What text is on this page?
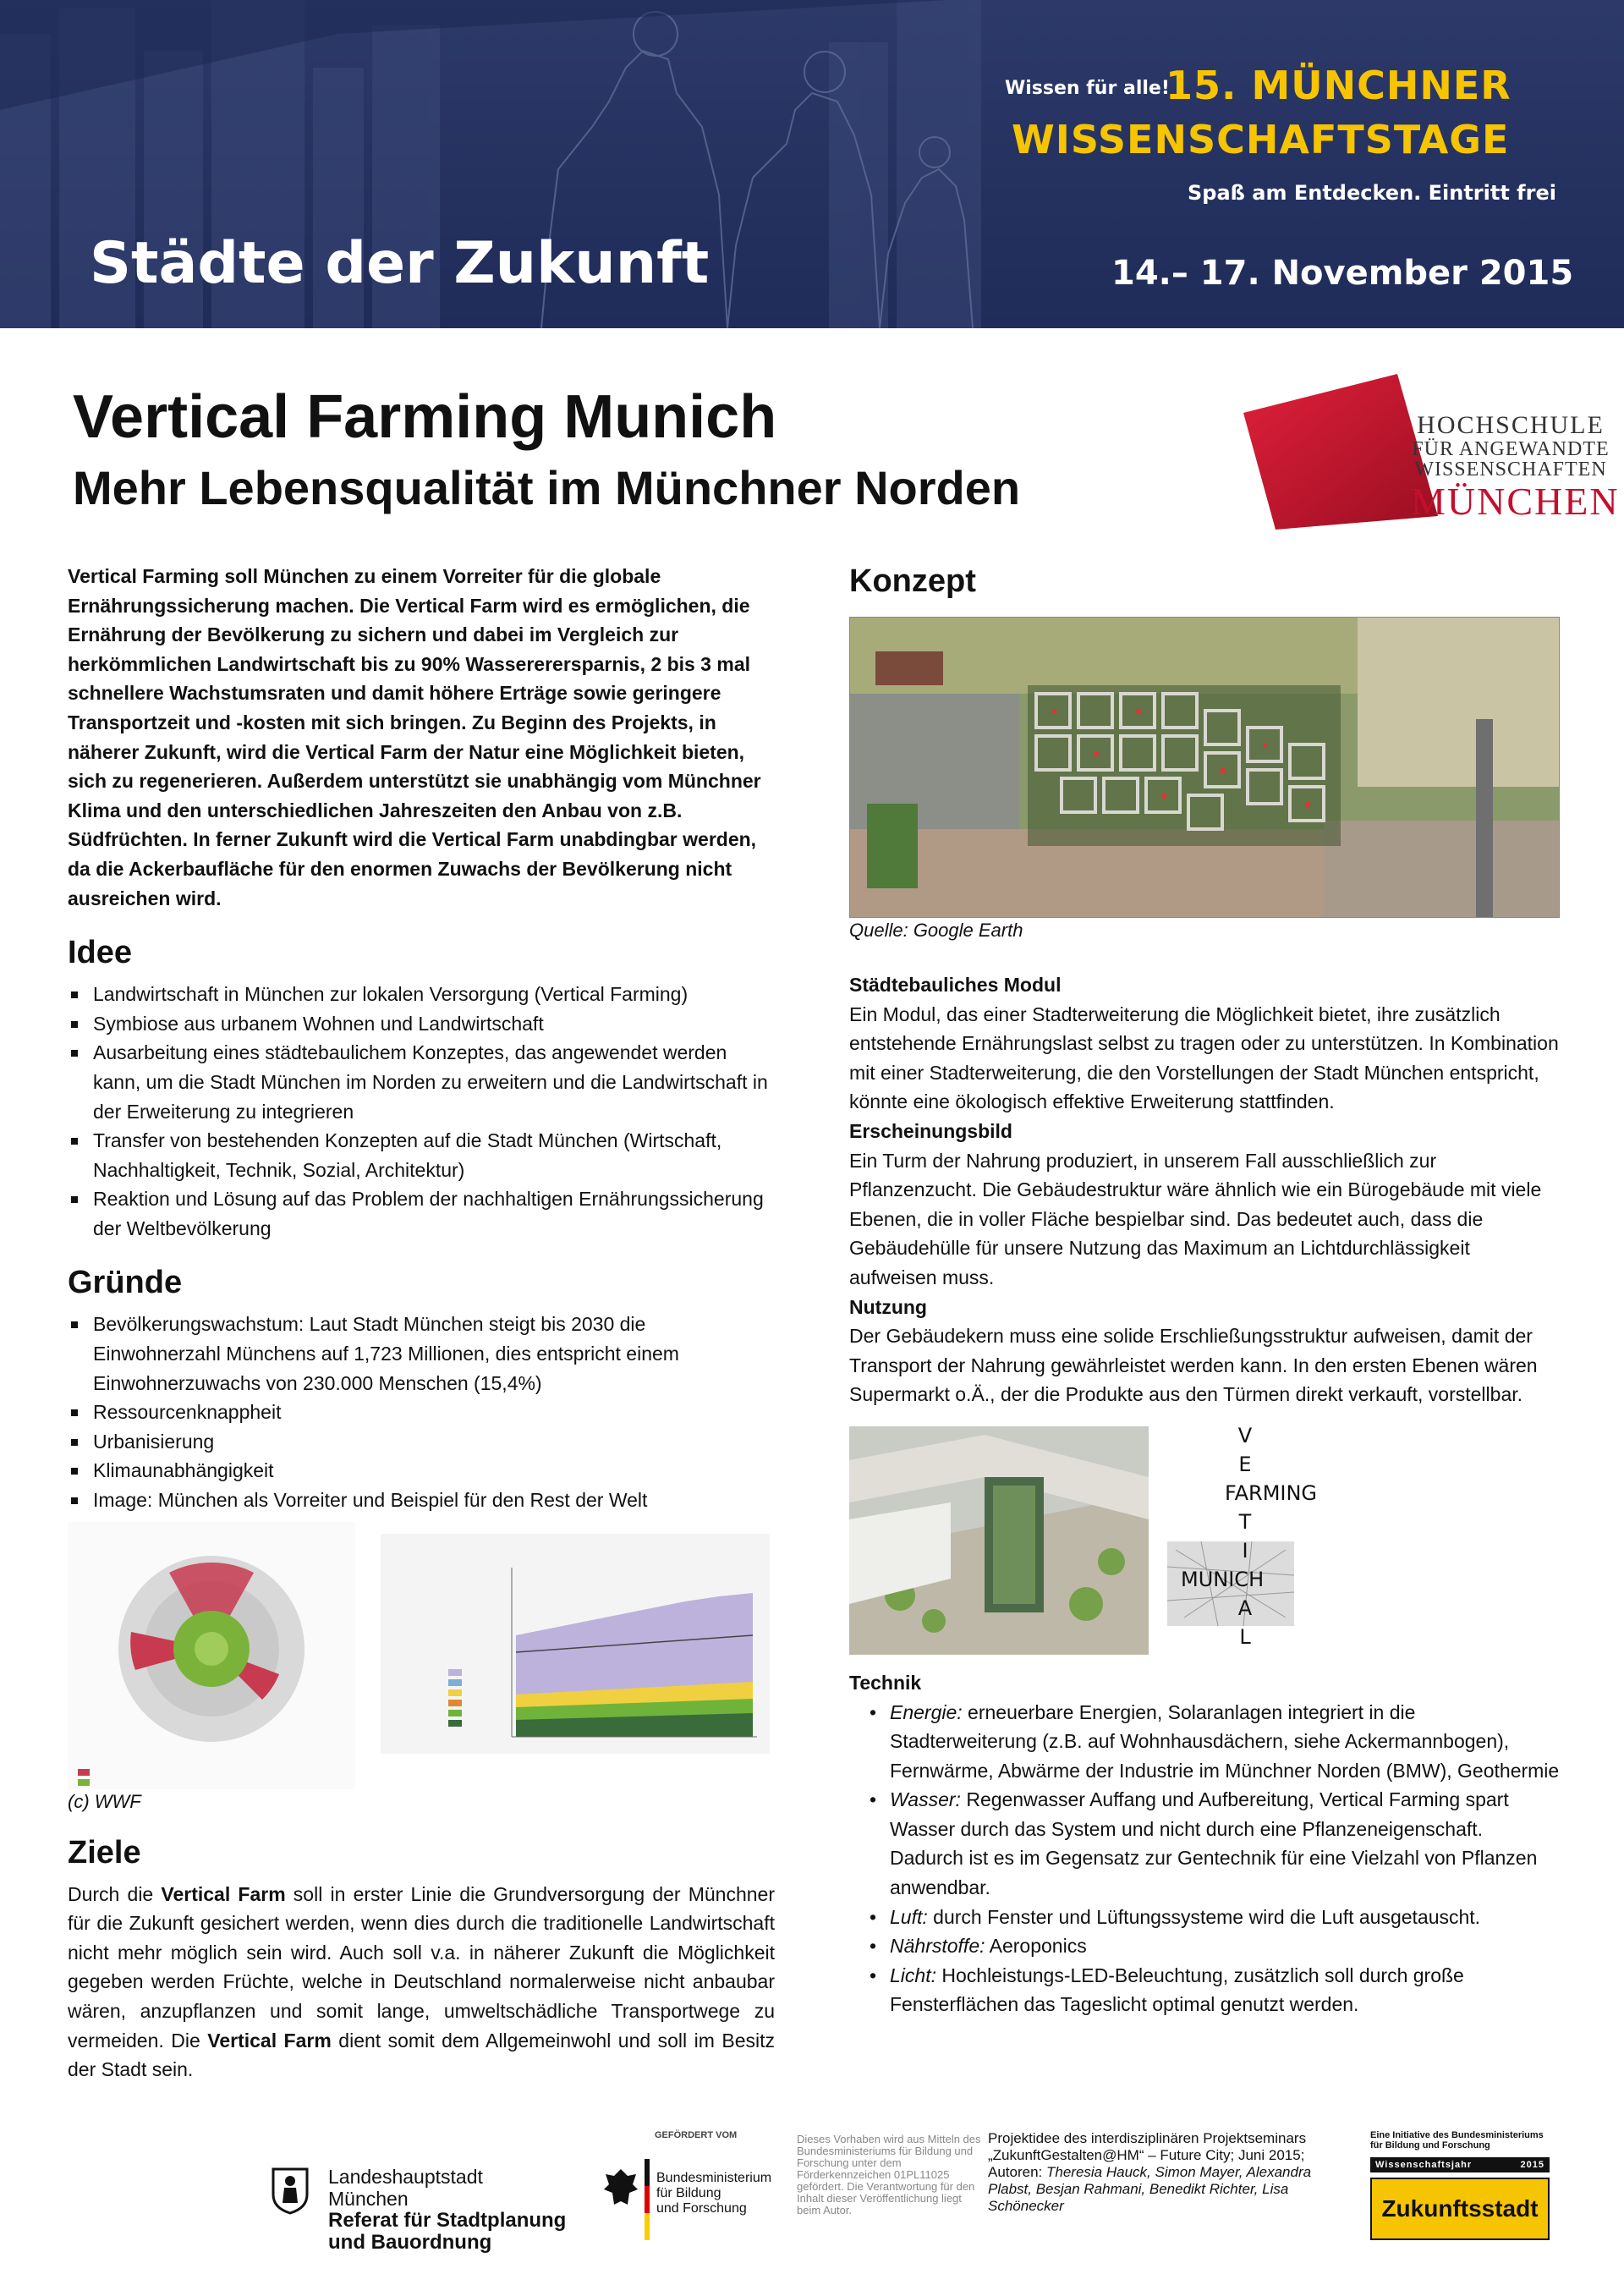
Wissen für alle!
15. MÜNCHNER
WISSENSCHAFTSTAGE
Spaß am Entdecken. Eintritt frei
Städte der Zukunft	14.– 17. November 2015
Vertical Farming Munich
Mehr Lebensqualität im Münchner Norden
HOCHSCHULE
FÜR ANGEWANDTE
WISSENSCHAFTEN
MÜNCHEN

Vertical Farming soll München zu einem Vorreiter für die globale Ernährungssicherung machen. Die Vertical Farm wird es ermöglichen, die Ernährung der Bevölkerung zu sichern und dabei im Vergleich zur herkömmlichen Landwirtschaft bis zu 90% Wassererersparnis, 2 bis 3 mal schnellere Wachstumsraten und damit höhere Erträge sowie geringere Transportzeit und -kosten mit sich bringen. Zu Beginn des Projekts, in näherer Zukunft, wird die Vertical Farm der Natur eine Möglichkeit bieten, sich zu regenerieren. Außerdem unterstützt sie unabhängig vom Münchner Klima und den unterschiedlichen Jahreszeiten den Anbau von z.B. Südfrüchten. In ferner Zukunft wird die Vertical Farm unabdingbar werden, da die Ackerbaufläche für den enormen Zuwachs der Bevölkerung nicht ausreichen wird.

Idee
Landwirtschaft in München zur lokalen Versorgung (Vertical Farming)
Symbiose aus urbanem Wohnen und Landwirtschaft
Ausarbeitung eines städtebaulichem Konzeptes, das angewendet werden kann, um die Stadt München im Norden zu erweitern und die Landwirtschaft in der Erweiterung zu integrieren
Transfer von bestehenden Konzepten auf die Stadt München (Wirtschaft, Nachhaltigkeit, Technik, Sozial, Architektur)
Reaktion und Lösung auf das Problem der nachhaltigen Ernährungssicherung der Weltbevölkerung
Gründe
Bevölkerungswachstum: Laut Stadt München steigt bis 2030 die Einwohnerzahl Münchens auf 1,723 Millionen, dies entspricht einem Einwohnerzuwachs von 230.000 Menschen (15,4%)
Ressourcenknappheit
Urbanisierung
Klimaunabhängigkeit
Image: München als Vorreiter und Beispiel für den Rest der Welt
(c) WWF
Ziele

Durch die Vertical Farm soll in erster Linie die Grundversorgung der Münchner für die Zukunft gesichert werden, wenn dies durch die traditionelle Landwirtschaft nicht mehr möglich sein wird. Auch soll v.a. in näherer Zukunft die Möglichkeit gegeben werden Früchte, welche in Deutschland normalerweise nicht anbaubar wären, anzupflanzen und somit lange, umweltschädliche Transportwege zu vermeiden. Die Vertical Farm dient somit dem Allgemeinwohl und soll im Besitz der Stadt sein.

Konzept
Quelle: Google Earth
Städtebauliches Modul

Ein Modul, das einer Stadterweiterung die Möglichkeit bietet, ihre zusätzlich entstehende Ernährungslast selbst zu tragen oder zu unterstützen. In Kombination mit einer Stadterweiterung, die den Vorstellungen der Stadt München entspricht, könnte eine ökologisch effektive Erweiterung stattfinden.

Erscheinungsbild

Ein Turm der Nahrung produziert, in unserem Fall ausschließlich zur Pflanzenzucht. Die Gebäudestruktur wäre ähnlich wie ein Bürogebäude mit viele Ebenen, die in voller Fläche bespielbar sind. Das bedeutet auch, dass die Gebäudehülle für unsere Nutzung das Maximum an Lichtdurchlässigkeit aufweisen muss.

Nutzung

Der Gebäudekern muss eine solide Erschließungsstruktur aufweisen, damit der Transport der Nahrung gewährleistet werden kann. In den ersten Ebenen wären Supermarkt o.Ä., der die Produkte aus den Türmen direkt verkauft, vorstellbar.

V
E
T
I
A
L
FARMING
MUNICH
Technik
• Energie: erneuerbare Energien, Solaranlagen integriert in die Stadterweiterung (z.B. auf Wohnhausdächern, siehe Ackermannbogen), Fernwärme, Abwärme der Industrie im Münchner Norden (BMW), Geothermie
• Wasser: Regenwasser Auffang und Aufbereitung, Vertical Farming spart Wasser durch das System und nicht durch eine Pflanzeneigenschaft. Dadurch ist es im Gegensatz zur Gentechnik für eine Vielzahl von Pflanzen anwendbar.
• Luft: durch Fenster und Lüftungssysteme wird die Luft ausgetauscht.
• Nährstoffe: Aeroponics
• Licht: Hochleistungs-LED-Beleuchtung, zusätzlich soll durch große Fensterflächen das Tageslicht optimal genutzt werden.
Landeshauptstadt
München
Referat für Stadtplanung
und Bauordnung
GEFÖRDERT VOM
Bundesministerium
für Bildung
und Forschung
Dieses Vorhaben wird aus Mitteln des Bundesministeriums für Bildung und Forschung unter dem Förderkennzeichen 01PL11025 gefördert. Die Verantwortung für den Inhalt dieser Veröffentlichung liegt beim Autor.
Projektidee des interdisziplinären Projektseminars „ZukunftGestalten@HM“ – Future City; Juni 2015;
Autoren: Theresia Hauck, Simon Mayer, Alexandra Plabst, Besjan Rahmani, Benedikt Richter, Lisa Schönecker
Eine Initiative des Bundesministeriums
für Bildung und Forschung
Wissenschaftsjahr	2015
Zukunftsstadt
